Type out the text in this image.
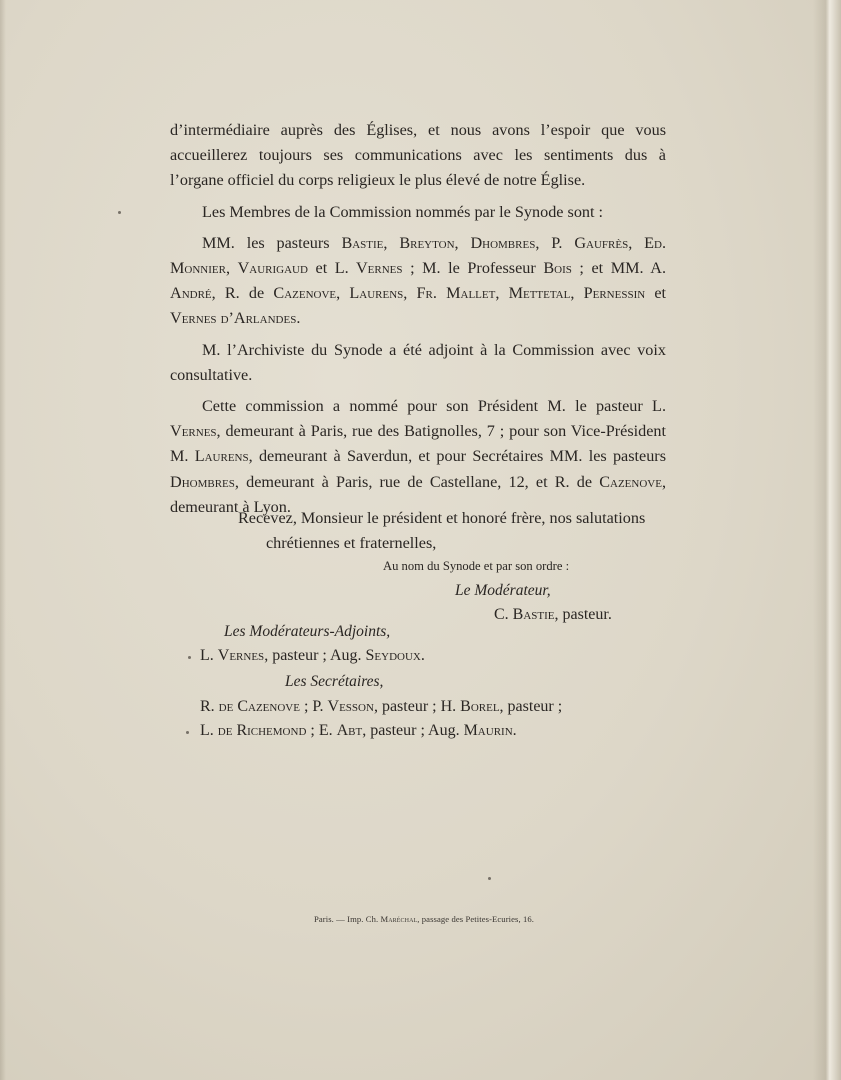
d’intermédiaire auprès des Églises, et nous avons l’espoir que vous
accueillerez toujours ses communications avec les sentiments dus à
l’organe officiel du corps religieux le plus élevé de notre Église.

Les Membres de la Commission nommés par le Synode sont :

MM. les pasteurs Bastie, Breyton, Dhombres, P. Gaufrès, Ed. Monnier, Vaurigaud et L. Vernes ; M. le Professeur Bois ; et MM. A. André, R. de Cazenove, Laurens, Fr. Mallet, Mettetal, Pernessin et Vernes d’Arlandes.

M. l’Archiviste du Synode a été adjoint à la Commission avec voix consultative.

Cette commission a nommé pour son Président M. le pasteur L. Vernes, demeurant à Paris, rue des Batignolles, 7 ; pour son Vice-Président M. Laurens, demeurant à Saverdun, et pour Secrétaires MM. les pasteurs Dhombres, demeurant à Paris, rue de Castellane, 12, et R. de Cazenove, demeurant à Lyon.

Recevez, Monsieur le président et honoré frère, nos salutations
chrétiennes et fraternelles,
Au nom du Synode et par son ordre :
Le Modérateur,
C. Bastie, pasteur.
Les Modérateurs-Adjoints,
L. Vernes, pasteur ; Aug. Seydoux.
Les Secrétaires,
R. de Cazenove ; P. Vesson, pasteur ; H. Borel, pasteur ;
L. de Richemond ; E. Abt, pasteur ; Aug. Maurin.
Paris. — Imp. Ch. Maréchal, passage des Petites-Ecuries, 16.
